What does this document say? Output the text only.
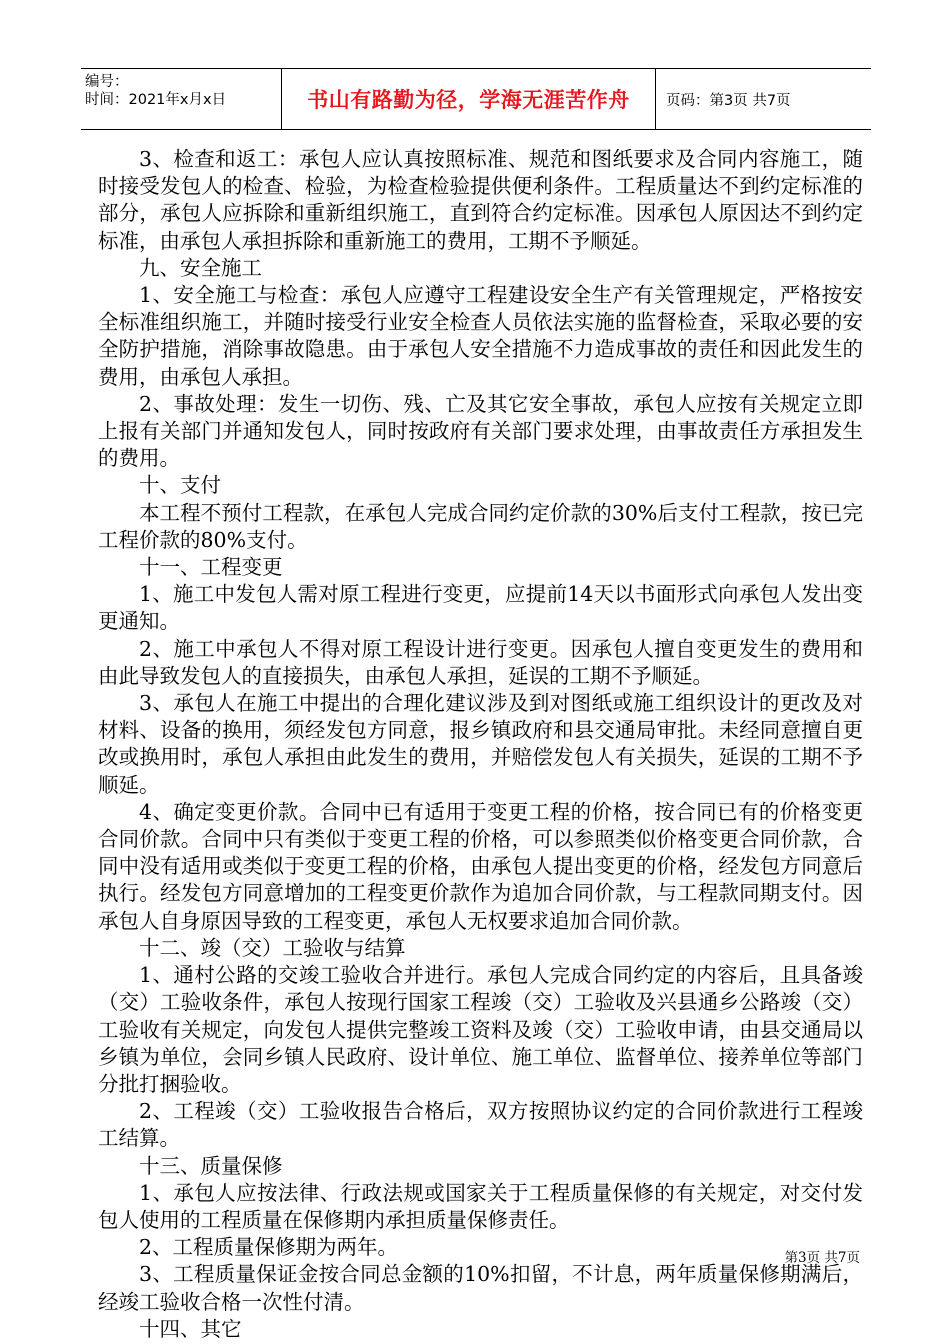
编号：
时间：2021年x月x日	书山有路勤为径，学海无涯苦作舟	页码：第3页 共7页

3、检查和返工：承包人应认真按照标准、规范和图纸要求及合同内容施工，随时接受发包人的检查、检验，为检查检验提供便利条件。工程质量达不到约定标准的部分，承包人应拆除和重新组织施工，直到符合约定标准。因承包人原因达不到约定标准，由承包人承担拆除和重新施工的费用，工期不予顺延。

九、安全施工

1、安全施工与检查：承包人应遵守工程建设安全生产有关管理规定，严格按安全标准组织施工，并随时接受行业安全检查人员依法实施的监督检查，采取必要的安全防护措施，消除事故隐患。由于承包人安全措施不力造成事故的责任和因此发生的费用，由承包人承担。

2、事故处理：发生一切伤、残、亡及其它安全事故，承包人应按有关规定立即上报有关部门并通知发包人，同时按政府有关部门要求处理，由事故责任方承担发生的费用。

十、支付

本工程不预付工程款，在承包人完成合同约定价款的30%后支付工程款，按已完工程价款的80%支付。

十一、工程变更

1、施工中发包人需对原工程进行变更，应提前14天以书面形式向承包人发出变更通知。

2、施工中承包人不得对原工程设计进行变更。因承包人擅自变更发生的费用和由此导致发包人的直接损失，由承包人承担，延误的工期不予顺延。

3、承包人在施工中提出的合理化建议涉及到对图纸或施工组织设计的更改及对材料、设备的换用，须经发包方同意，报乡镇政府和县交通局审批。未经同意擅自更改或换用时，承包人承担由此发生的费用，并赔偿发包人有关损失，延误的工期不予顺延。

4、确定变更价款。合同中已有适用于变更工程的价格，按合同已有的价格变更合同价款。合同中只有类似于变更工程的价格，可以参照类似价格变更合同价款，合同中没有适用或类似于变更工程的价格，由承包人提出变更的价格，经发包方同意后执行。经发包方同意增加的工程变更价款作为追加合同价款，与工程款同期支付。因承包人自身原因导致的工程变更，承包人无权要求追加合同价款。

十二、竣（交）工验收与结算

1、通村公路的交竣工验收合并进行。承包人完成合同约定的内容后，且具备竣（交）工验收条件，承包人按现行国家工程竣（交）工验收及兴县通乡公路竣（交）工验收有关规定，向发包人提供完整竣工资料及竣（交）工验收申请，由县交通局以乡镇为单位，会同乡镇人民政府、设计单位、施工单位、监督单位、接养单位等部门分批打捆验收。

2、工程竣（交）工验收报告合格后，双方按照协议约定的合同价款进行工程竣工结算。

十三、质量保修

1、承包人应按法律、行政法规或国家关于工程质量保修的有关规定，对交付发包人使用的工程质量在保修期内承担质量保修责任。

2、工程质量保修期为两年。

3、工程质量保证金按合同总金额的10%扣留，不计息，两年质量保修期满后，经竣工验收合格一次性付清。

十四、其它

第3页 共7页
